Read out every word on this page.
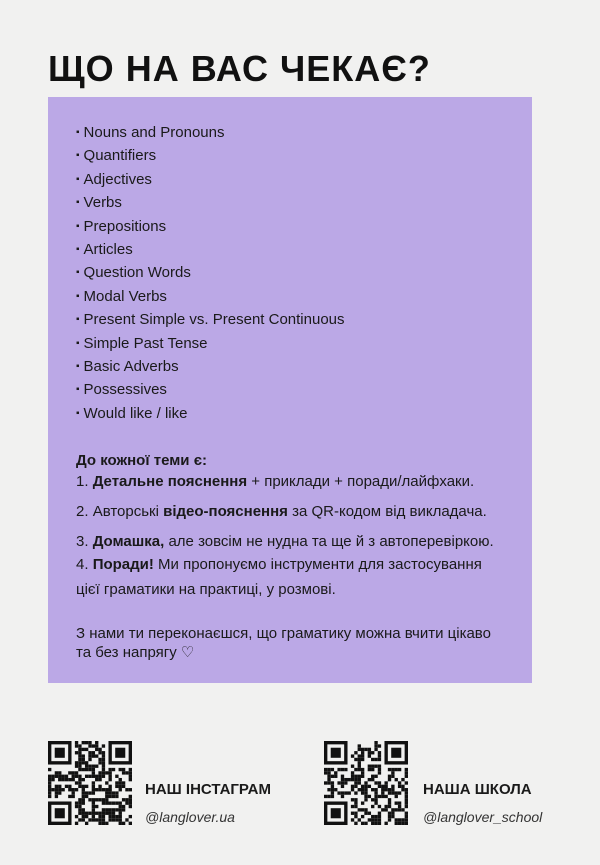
ЩО НА ВАС ЧЕКАЄ?
▪ Nouns and Pronouns
▪ Quantifiers
▪ Adjectives
▪ Verbs
▪ Prepositions
▪ Articles
▪ Question Words
▪ Modal Verbs
▪ Present Simple vs. Present Continuous
▪ Simple Past Tense
▪ Basic Adverbs
▪ Possessives
▪ Would like / like
До кожної теми є:
1. Детальне пояснення + приклади + поради/лайфхаки.
2. Авторські відео-пояснення за QR-кодом від викладача.
3. Домашка, але зовсім не нудна та ще й з автоперевіркою.
4. Поради! Ми пропонуємо інструменти для застосування
цієї граматики на практиці, у розмові.
З нами ти переконаєшся, що граматику можна вчити цікаво
та без напрягу ♡
НАШ ІНСТАГРАМ
@langlover.ua
НАША ШКОЛА
@langlover_school
